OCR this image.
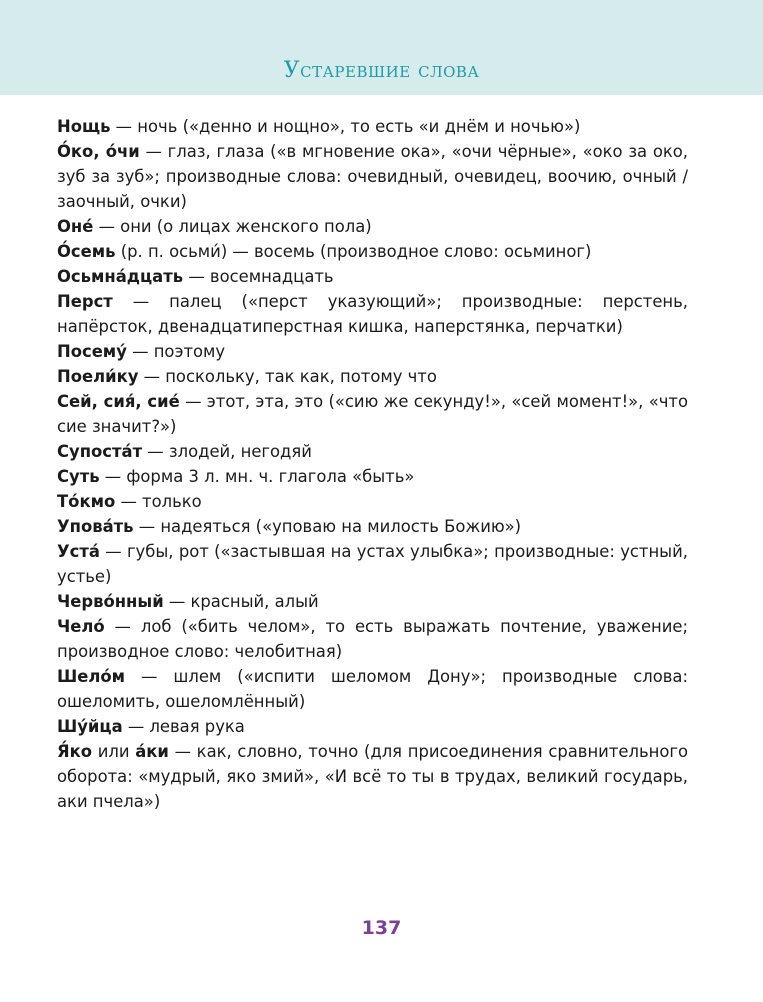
Устаревшие слова
Нощь — ночь («денно и нощно», то есть «и днём и ночью»)
О́ко, о́чи — глаз, глаза («в мгновение ока», «очи чёрные», «око за око, зуб за зуб»; производные слова: очевидный, очевидец, воочию, очный / заочный, очки)
Оне́ — они (о лицах женского пола)
О́семь (р. п. осьми́) — восемь (производное слово: осьминог)
Осьмна́дцать — восемнадцать
Перст — палец («перст указующий»; производные: перстень, напёрсток, двенадцатиперстная кишка, наперстянка, перчатки)
Посему́ — поэтому
Поели́ку — поскольку, так как, потому что
Сей, сия́, сие́ — этот, эта, это («сию же секунду!», «сей момент!», «что сие значит?»)
Супоста́т — злодей, негодяй
Суть — форма 3 л. мн. ч. глагола «быть»
То́кмо — только
Упова́ть — надеяться («уповаю на милость Божию»)
Уста́ — губы, рот («застывшая на устах улыбка»; производные: устный, устье)
Черво́нный — красный, алый
Чело́ — лоб («бить челом», то есть выражать почтение, уважение; производное слово: челобитная)
Шело́м — шлем («испити шеломом Дону»; производные слова: ошеломить, ошеломлённый)
Шу́йца — левая рука
Я́ко или а́ки — как, словно, точно (для присоединения сравнительного оборота: «мудрый, яко змий», «И всё то ты в трудах, великий государь, аки пчела»)
137
